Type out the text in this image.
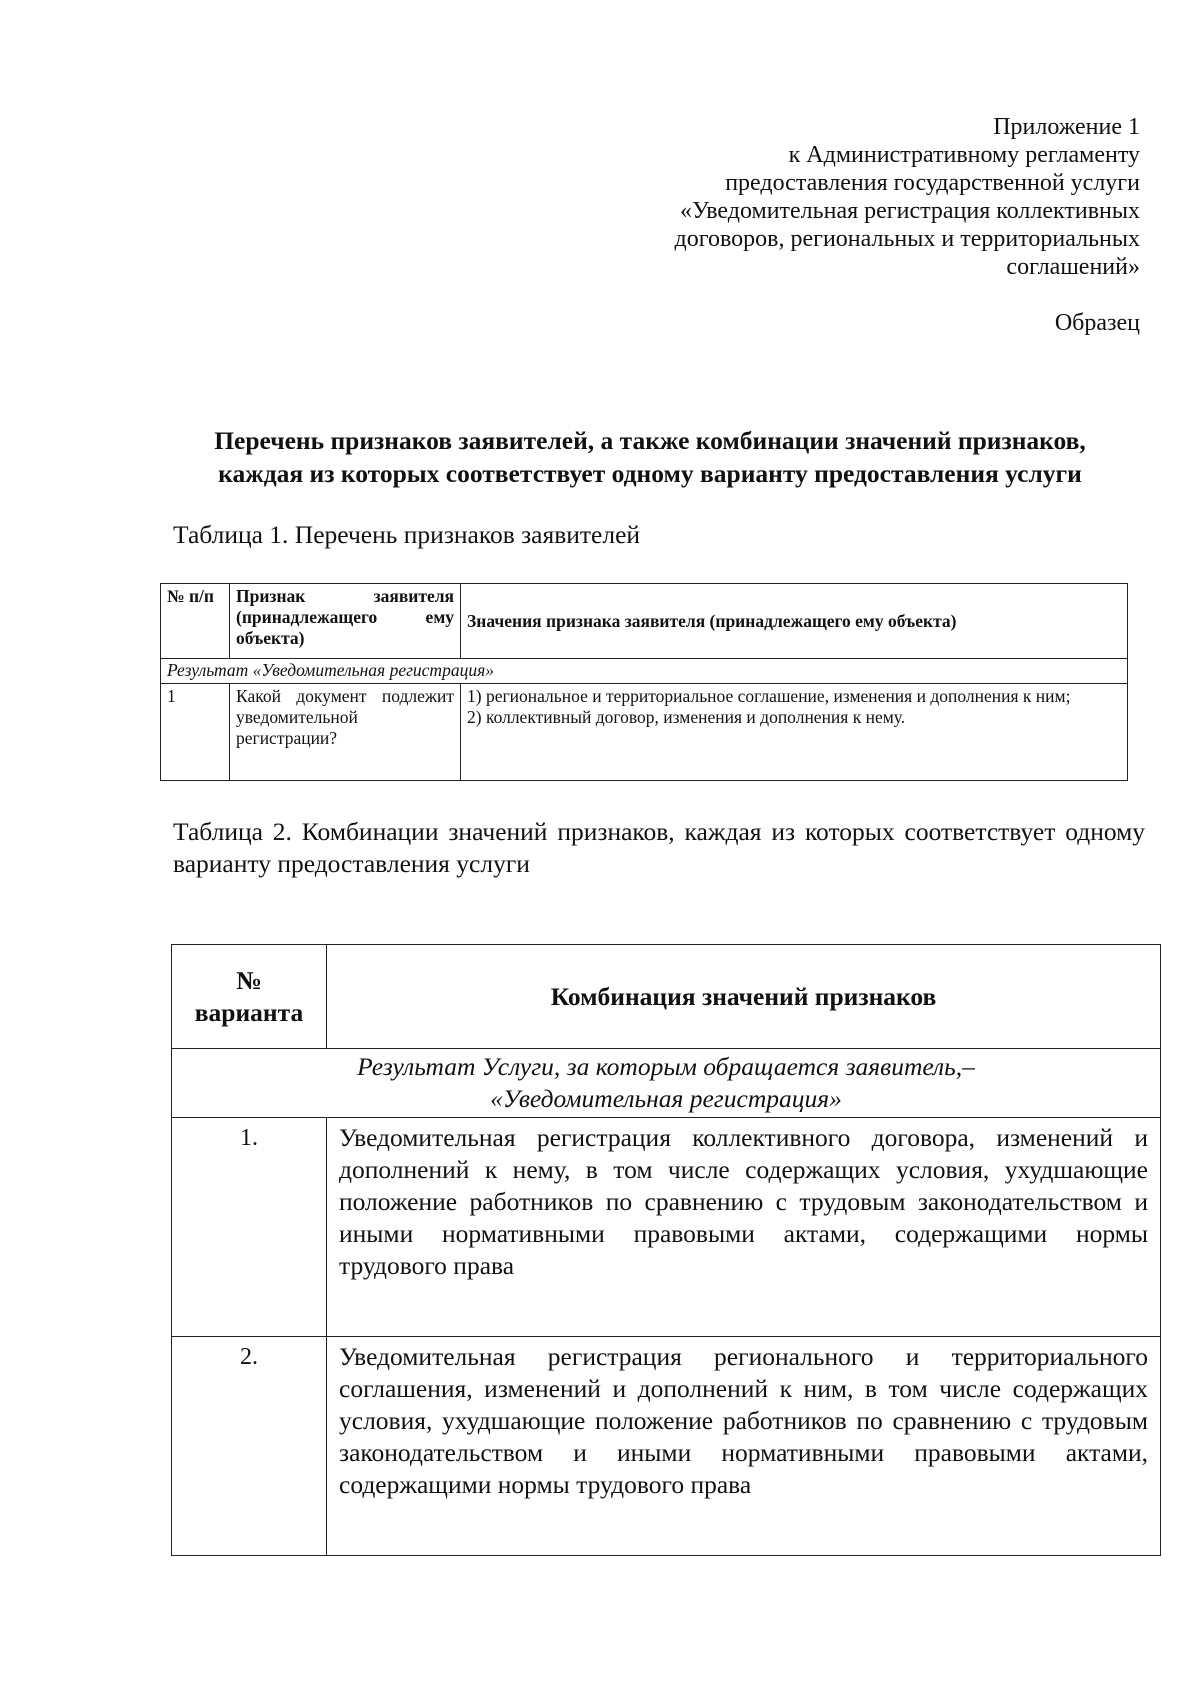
Приложение 1
к Административному регламенту
предоставления государственной услуги
«Уведомительная регистрация коллективных
договоров, региональных и территориальных
соглашений»
Образец
Перечень признаков заявителей, а также комбинации значений признаков,
каждая из которых соответствует одному варианту предоставления услуги
Таблица 1. Перечень признаков заявителей
№ п/п	Признак заявителя (принадлежащего ему объекта)	Значения признака заявителя (принадлежащего ему объекта)
Результат «Уведомительная регистрация»		
1	Какой документ подлежит уведомительной регистрации?	1) региональное и территориальное соглашение, изменения и дополнения к ним;
2) коллективный договор, изменения и дополнения к нему.
Таблица 2. Комбинации значений признаков, каждая из которых соответствует одному варианту предоставления услуги
№
варианта	Комбинация значений признаков

Результат Услуги, за которым обращается заявитель,–
«Уведомительная регистрация»	

1.	Уведомительная регистрация коллективного договора, изменений и дополнений к нему, в том числе содержащих условия, ухудшающие положение работников по сравнению с трудовым законодательством и иными нормативными правовыми актами, содержащими нормы трудового права

2.	Уведомительная регистрация регионального и территориального соглашения, изменений и дополнений к ним, в том числе содержащих условия, ухудшающие положение работников по сравнению с трудовым законодательством и иными нормативными правовыми актами, содержащими нормы трудового права
